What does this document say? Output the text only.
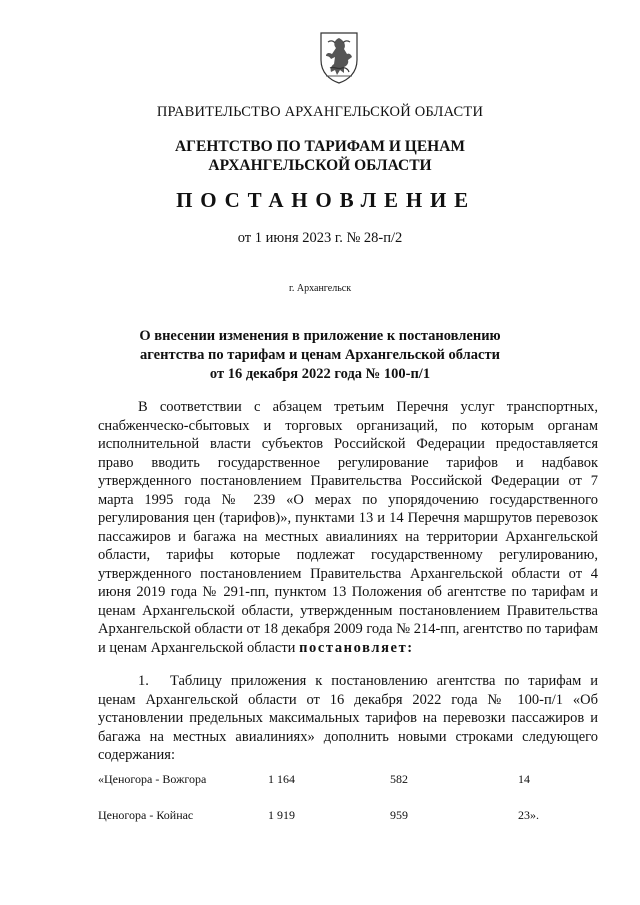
ПРАВИТЕЛЬСТВО АРХАНГЕЛЬСКОЙ ОБЛАСТИ
АГЕНТСТВО ПО ТАРИФАМ И ЦЕНАМ
АРХАНГЕЛЬСКОЙ ОБЛАСТИ
ПОСТАНОВЛЕНИЕ
от 1 июня 2023 г. № 28-п/2
г. Архангельск
О внесении изменения в приложение к постановлению
агентства по тарифам и ценам Архангельской области
от 16 декабря 2022 года № 100-п/1
В соответствии с абзацем третьим Перечня услуг транспортных, снабженческо-сбытовых и торговых организаций, по которым органам исполнительной власти субъектов Российской Федерации предоставляется право вводить государственное регулирование тарифов и надбавок утвержденного постановлением Правительства Российской Федерации от 7 марта 1995 года № 239 «О мерах по упорядочению государственного регулирования цен (тарифов)», пунктами 13 и 14 Перечня маршрутов перевозок пассажиров и багажа на местных авиалиниях на территории Архангельской области, тарифы которые подлежат государственному регулированию, утвержденного постановлением Правительства Архангельской области от 4 июня 2019 года № 291-пп, пунктом 13 Положения об агентстве по тарифам и ценам Архангельской области, утвержденным постановлением Правительства Архангельской области от 18 декабря 2009 года № 214-пп, агентство по тарифам и ценам Архангельской области постановляет:
1. Таблицу приложения к постановлению агентства по тарифам и ценам Архангельской области от 16 декабря 2022 года № 100-п/1 «Об установлении предельных максимальных тарифов на перевозки пассажиров и багажа на местных авиалиниях» дополнить новыми строками следующего содержания:
«Ценогора - Вожгора	1 164	582	14
Ценогора - Койнас	1 919	959	23».
